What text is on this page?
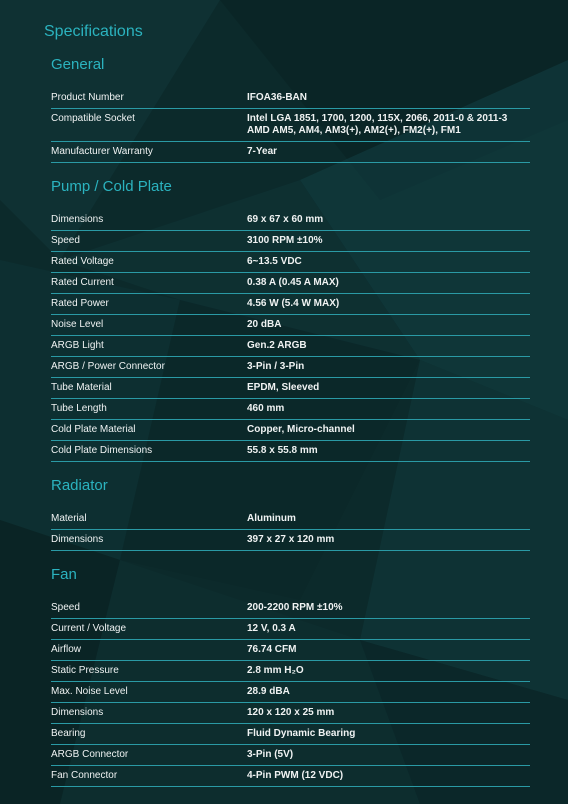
Specifications
General
Product Number	IFOA36-BAN
Compatible Socket	Intel LGA 1851, 1700, 1200, 115X, 2066, 2011-0 & 2011-3
AMD AM5, AM4, AM3(+), AM2(+), FM2(+), FM1
Manufacturer Warranty	7-Year
Pump / Cold Plate
Dimensions	69 x 67 x 60 mm
Speed	3100 RPM ±10%
Rated Voltage	6~13.5 VDC
Rated Current	0.38 A (0.45 A MAX)
Rated Power	4.56 W (5.4 W MAX)
Noise Level	20 dBA
ARGB Light	Gen.2 ARGB
ARGB / Power Connector	3-Pin / 3-Pin
Tube Material	EPDM, Sleeved
Tube Length	460 mm
Cold Plate Material	Copper, Micro-channel
Cold Plate Dimensions	55.8 x 55.8 mm
Radiator
Material	Aluminum
Dimensions	397 x 27 x 120 mm
Fan
Speed	200-2200 RPM ±10%
Current / Voltage	12 V, 0.3 A
Airflow	76.74 CFM
Static Pressure	2.8 mm H₂O
Max. Noise Level	28.9 dBA
Dimensions	120 x 120 x 25 mm
Bearing	Fluid Dynamic Bearing
ARGB Connector	3-Pin (5V)
Fan Connector	4-Pin PWM (12 VDC)
